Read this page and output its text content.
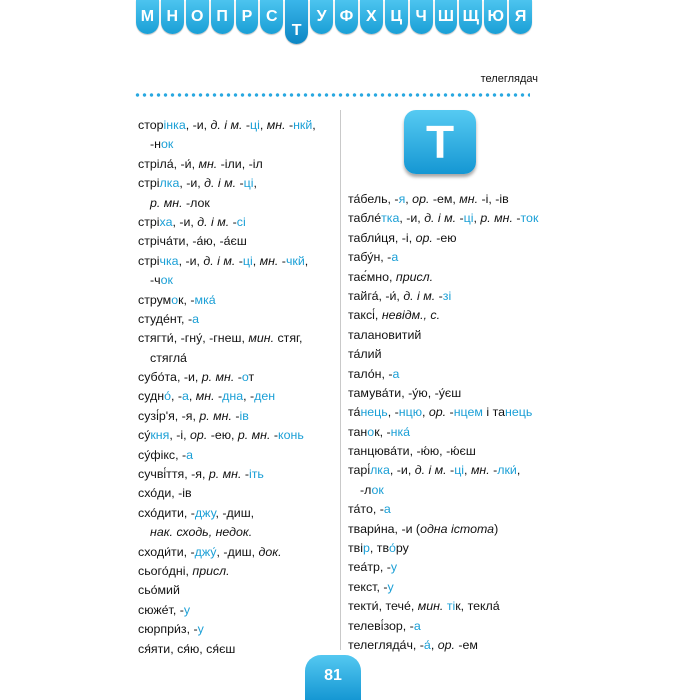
М Н О П Р С
Т
У Ф Х Ц Ч Ш Щ Ю Я
телеглядач
сторінка, -и, д. і м. -ці, мн. -нкй,
-нок
стріла́, -и́, мн. -іли, -іл
стрілка, -и, д. і м. -ці,
р. мн. -лок
стріха, -и, д. і м. -сі
стріча́ти, -а́ю, -а́єш
стрічка, -и, д. і м. -ці, мн. -чкй,
-чок
струмок, -мка́
студе́нт, -а
стягти́, -гну́, -гнеш, мин. стяг,
стягла́
субо́та, -и, р. мн. -от
судно́, -а, мн. -дна, -ден
сузі́р'я, -я, р. мн. -ів
су́кня, -і, ор. -ею, р. мн. -конь
су́фікс, -а
сучві́ття, -я, р. мн. -іть
схо́ди, -ів
схо́дити, -джу, -диш,
нак. сходь, недок.
сходи́ти, -джу́, -диш, док.
сього́дні, присл.
сьо́мий
сюже́т, -у
сюрпри́з, -у
ся́яти, ся́ю, ся́єш
Т
та́бель, -я, ор. -ем, мн. -і, -ів
табле́тка, -и, д. і м. -ці, р. мн. -ток
табли́ця, -і, ор. -ею
табу́н, -а
тає́мно, присл.
тайга́, -и́, д. і м. -зі
таксі́, невідм., с.
талановитий
та́лий
тало́н, -а
тамува́ти, -у́ю, -у́єш
та́нець, -нцю, ор. -нцем і танець
танок, -нка
танцюва́ти, -ю́ю, -ю́єш
тарі́лка, -и, д. і м. -ці, мн. -лки́,
-лок
та́то, -а
твари́на, -и (одна істота)
твір, тво́ру
теа́тр, -у
текст, -у
текти́, тече́, мин. тік, текла́
телеві́зор, -а
телегляда́ч, -а́, ор. -ем
81
